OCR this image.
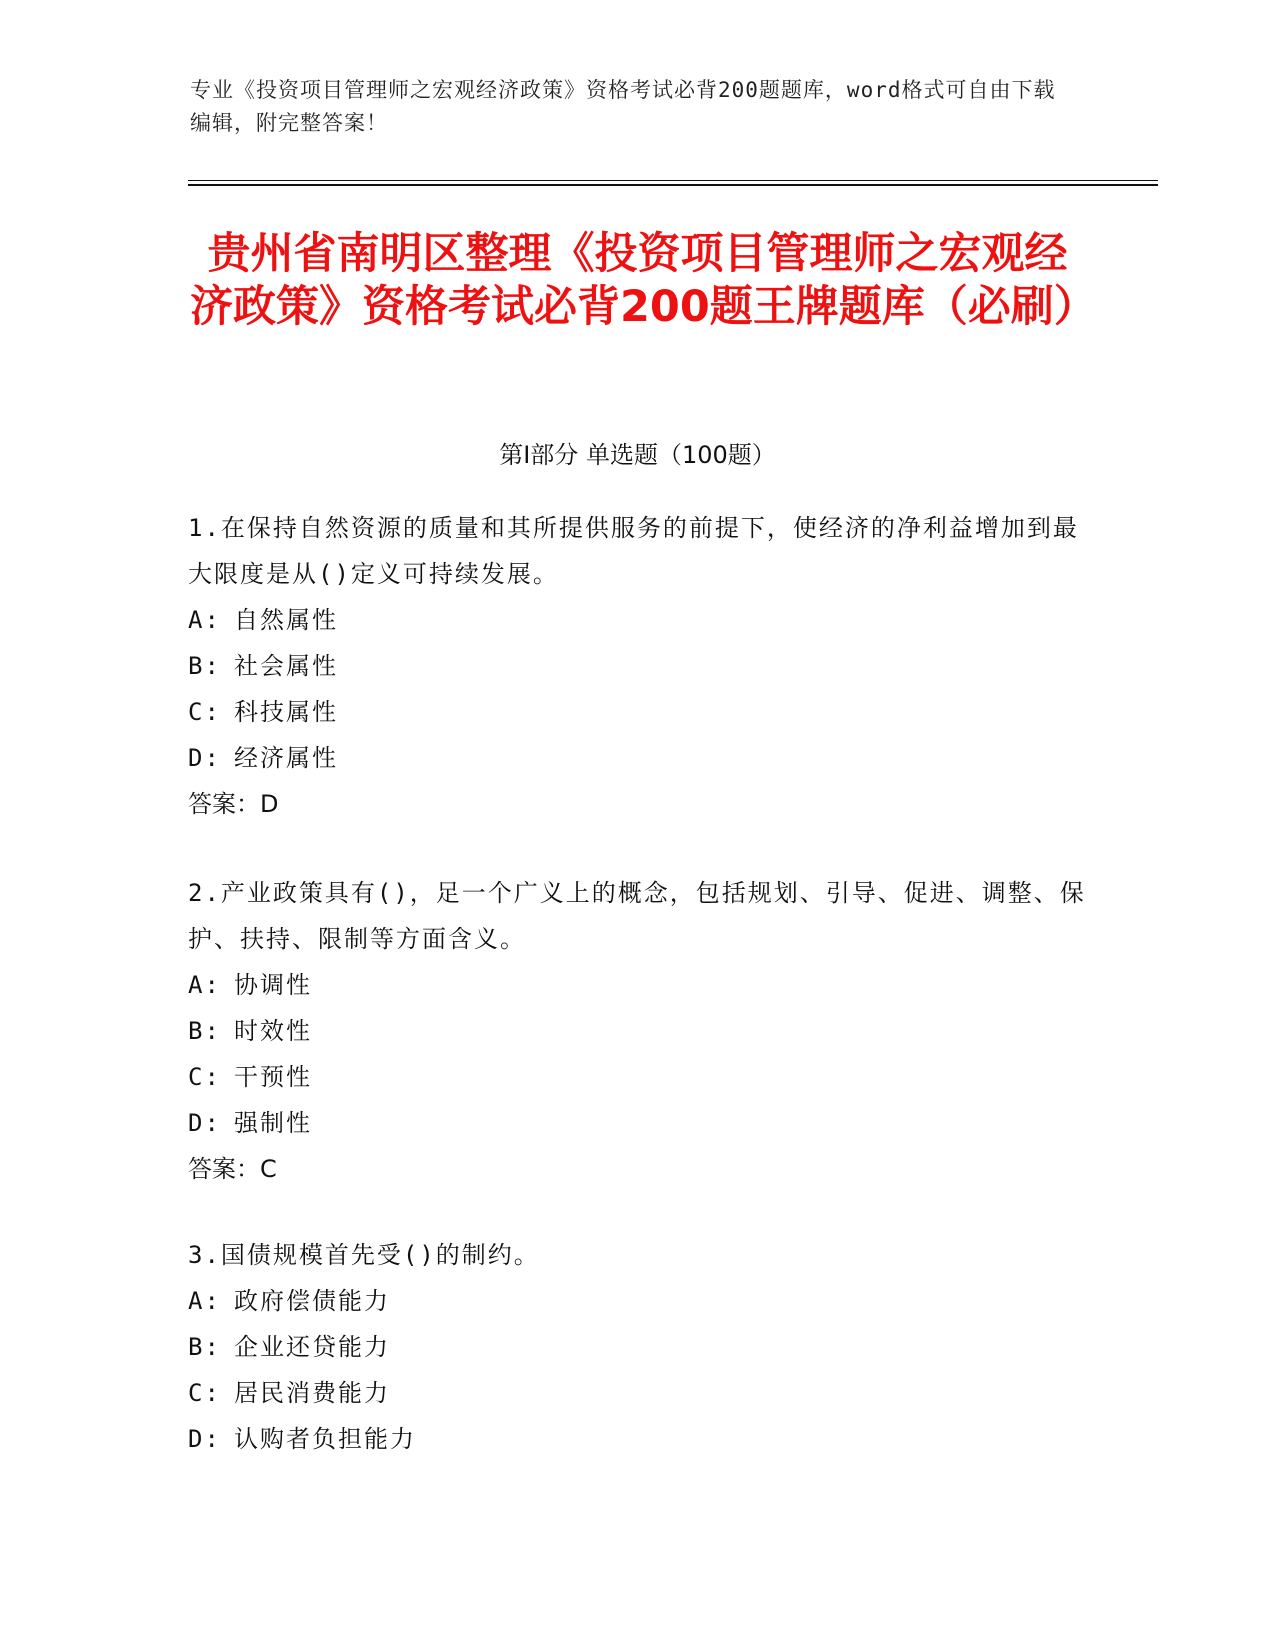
专业《投资项目管理师之宏观经济政策》资格考试必背200题题库，word格式可自由下载编辑，附完整答案！
贵州省南明区整理《投资项目管理师之宏观经济政策》资格考试必背200题王牌题库（必刷）
第I部分 单选题（100题）
1.在保持自然资源的质量和其所提供服务的前提下，使经济的净利益增加到最大限度是从()定义可持续发展。
A: 自然属性
B: 社会属性
C: 科技属性
D: 经济属性
答案：D
2.产业政策具有()，足一个广义上的概念，包括规划、引导、促进、调整、保护、扶持、限制等方面含义。
A: 协调性
B: 时效性
C: 干预性
D: 强制性
答案：C
3.国债规模首先受()的制约。
A: 政府偿债能力
B: 企业还贷能力
C: 居民消费能力
D: 认购者负担能力
